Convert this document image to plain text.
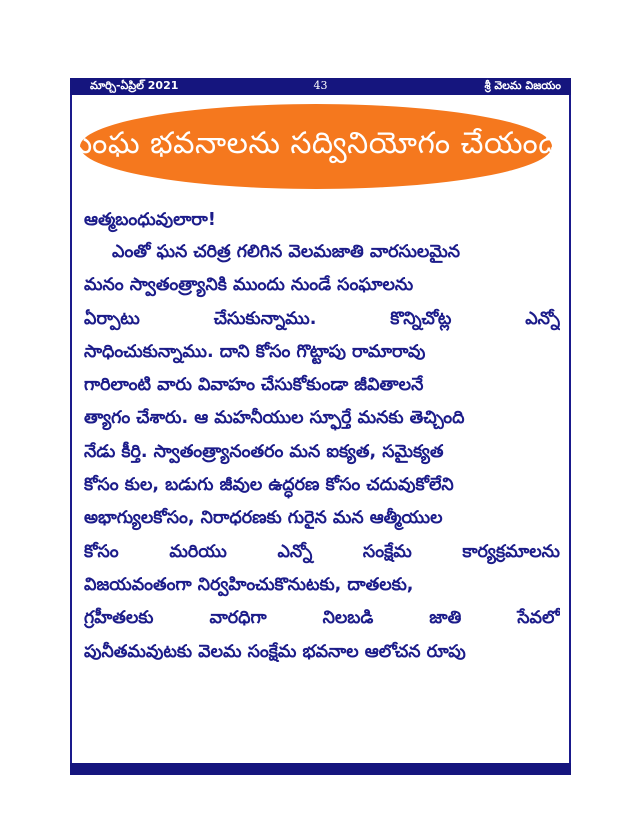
మార్చి-ఏప్రిల్ 2021	43	శ్రీ వెలమ విజయం
సంఘ భవనాలను సద్వినియోగం చేయండి
ఆత్మబంధువులారా!
ఎంతో ఘన చరిత్ర గలిగిన వెలమజాతి వారసులమైన
మనం స్వాతంత్ర్యానికి ముందు నుండే సంఘాలను
ఏర్పాటు	చేసుకున్నాము.	కొన్నిచోట్ల	ఎన్నో
సాధించుకున్నాము. దాని కోసం గొట్టాపు రామారావు
గారిలాంటి వారు వివాహం చేసుకోకుండా జీవితాలనే
త్యాగం చేశారు. ఆ మహనీయుల స్ఫూర్తే మనకు తెచ్చింది
నేడు కీర్తి. స్వాతంత్ర్యానంతరం మన ఐక్యత, సమైక్యత
కోసం కుల, బడుగు జీవుల ఉద్ధరణ కోసం చదువుకోలేని
అభాగ్యులకోసం, నిరాధరణకు గురైన మన ఆత్మీయుల
కోసం	మరియు	ఎన్నో	సంక్షేమ	కార్యక్రమాలను
విజయవంతంగా నిర్వహించుకొనుటకు, దాతలకు,
గ్రహీతలకు	వారధిగా	నిలబడి	జాతి	సేవలో
పునీతమవుటకు వెలమ సంక్షేమ భవనాల ఆలోచన రూపు
